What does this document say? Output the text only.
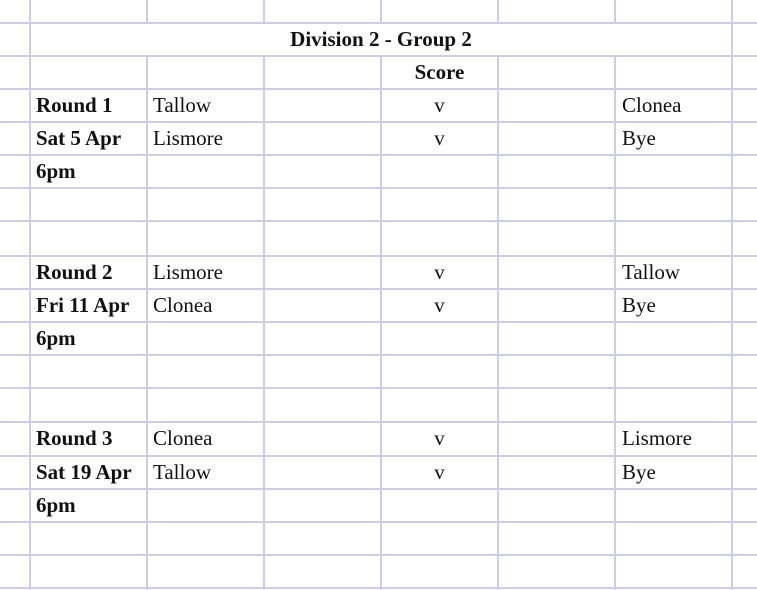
Division 2 - Group 2
Score
Round 1	Tallow	v	Clonea
Sat 5 Apr	Lismore	v	Bye
6pm
Round 2	Lismore	v	Tallow
Fri 11 Apr	Clonea	v	Bye
6pm
Round 3	Clonea	v	Lismore
Sat 19 Apr	Tallow	v	Bye
6pm
